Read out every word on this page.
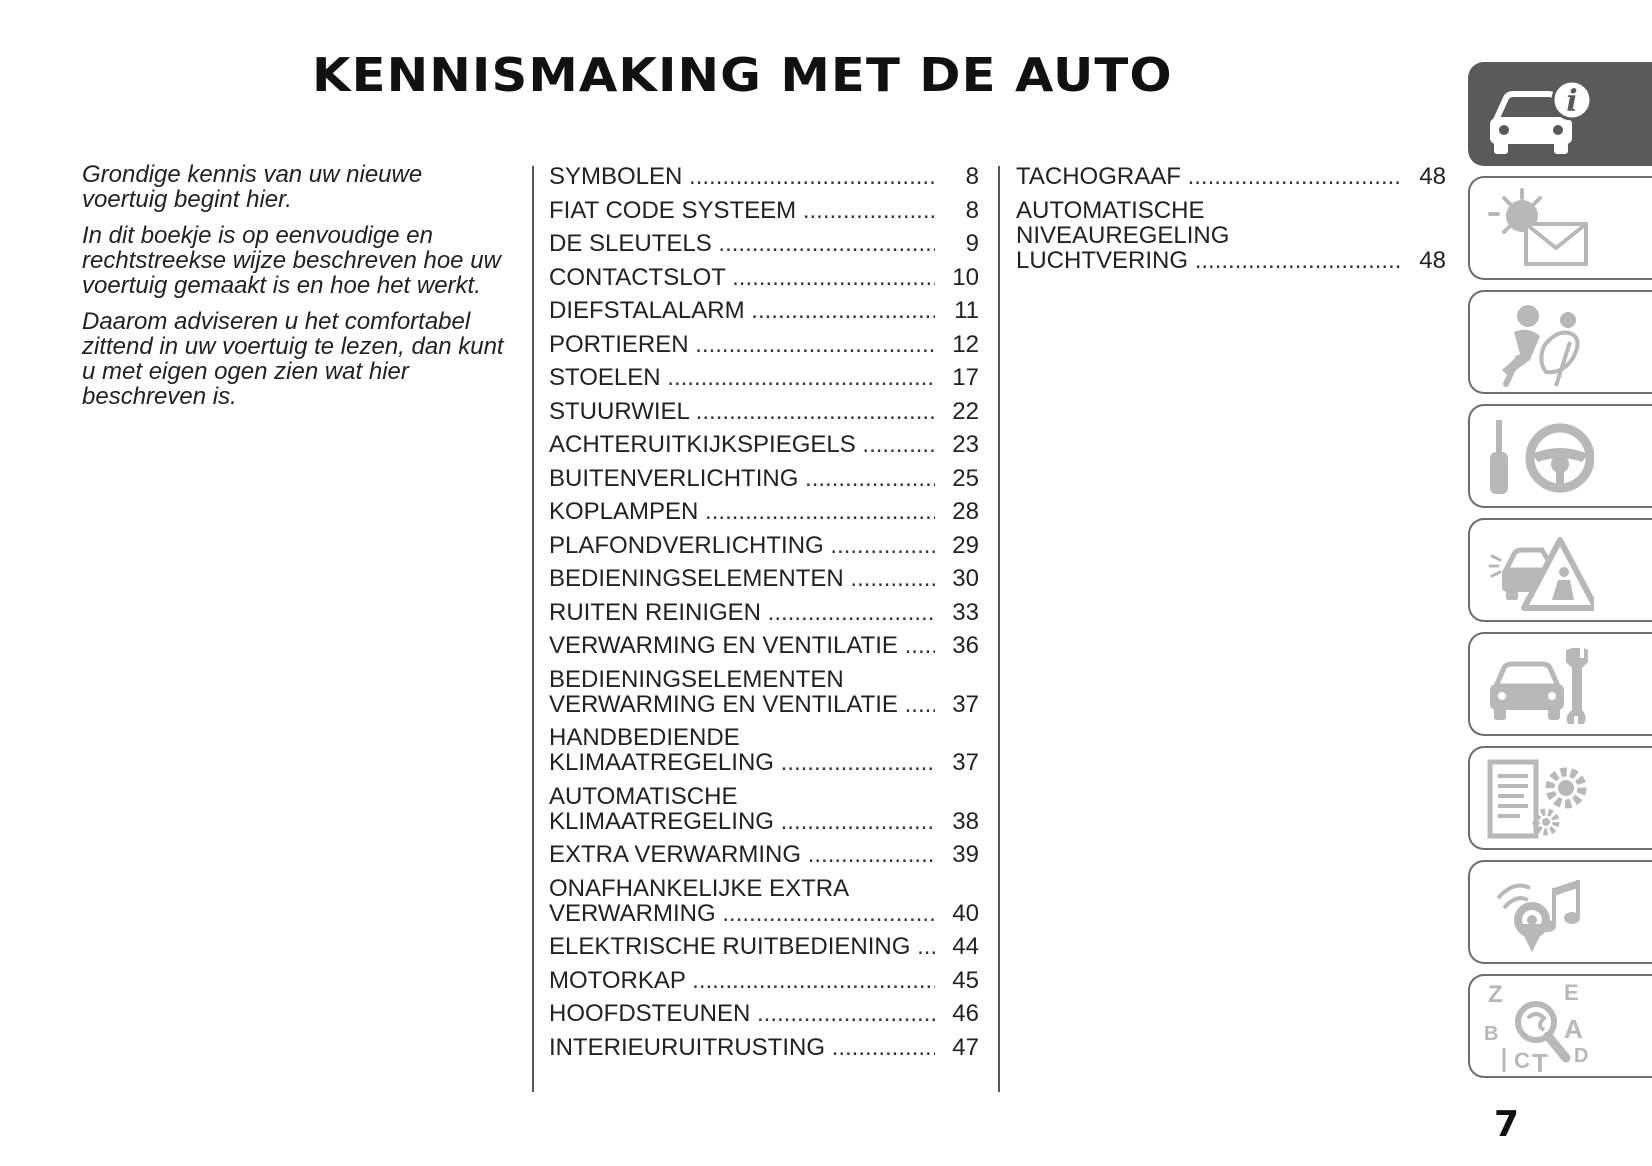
KENNISMAKING MET DE AUTO

Grondige kennis van uw nieuwe voertuig begint hier.

In dit boekje is op eenvoudige en rechtstreekse wijze beschreven hoe uw voertuig gemaakt is en hoe het werkt.

Daarom adviseren u het comfortabel zittend in uw voertuig te lezen, dan kunt u met eigen ogen zien wat hier beschreven is.

SYMBOLEN .....	8
FIAT CODE SYSTEEM .....	8
DE SLEUTELS .....	9
CONTACTSLOT .....	10
DIEFSTALALARM .....	11
PORTIEREN .....	12
STOELEN .....	17
STUURWIEL .....	22
ACHTERUITKIJKSPIEGELS .....	23
BUITENVERLICHTING .....	25
KOPLAMPEN .....	28
PLAFONDVERLICHTING .....	29
BEDIENINGSELEMENTEN .....	30
RUITEN REINIGEN .....	33
VERWARMING EN VENTILATIE .....	36
BEDIENINGSELEMENTEN
VERWARMING EN VENTILATIE .....	37
HANDBEDIENDE
KLIMAATREGELING .....	37
AUTOMATISCHE
KLIMAATREGELING .....	38
EXTRA VERWARMING .....	39
ONAFHANKELIJKE EXTRA
VERWARMING .....	40
ELEKTRISCHE RUITBEDIENING .....	44
MOTORKAP .....	45
HOOFDSTEUNEN .....	46
INTERIEURUITRUSTING .....	47
TACHOGRAAF .....	48
AUTOMATISCHE
NIVEAUREGELING
LUCHTVERING .....	48
i
Z	E
B	A
C T D
7
